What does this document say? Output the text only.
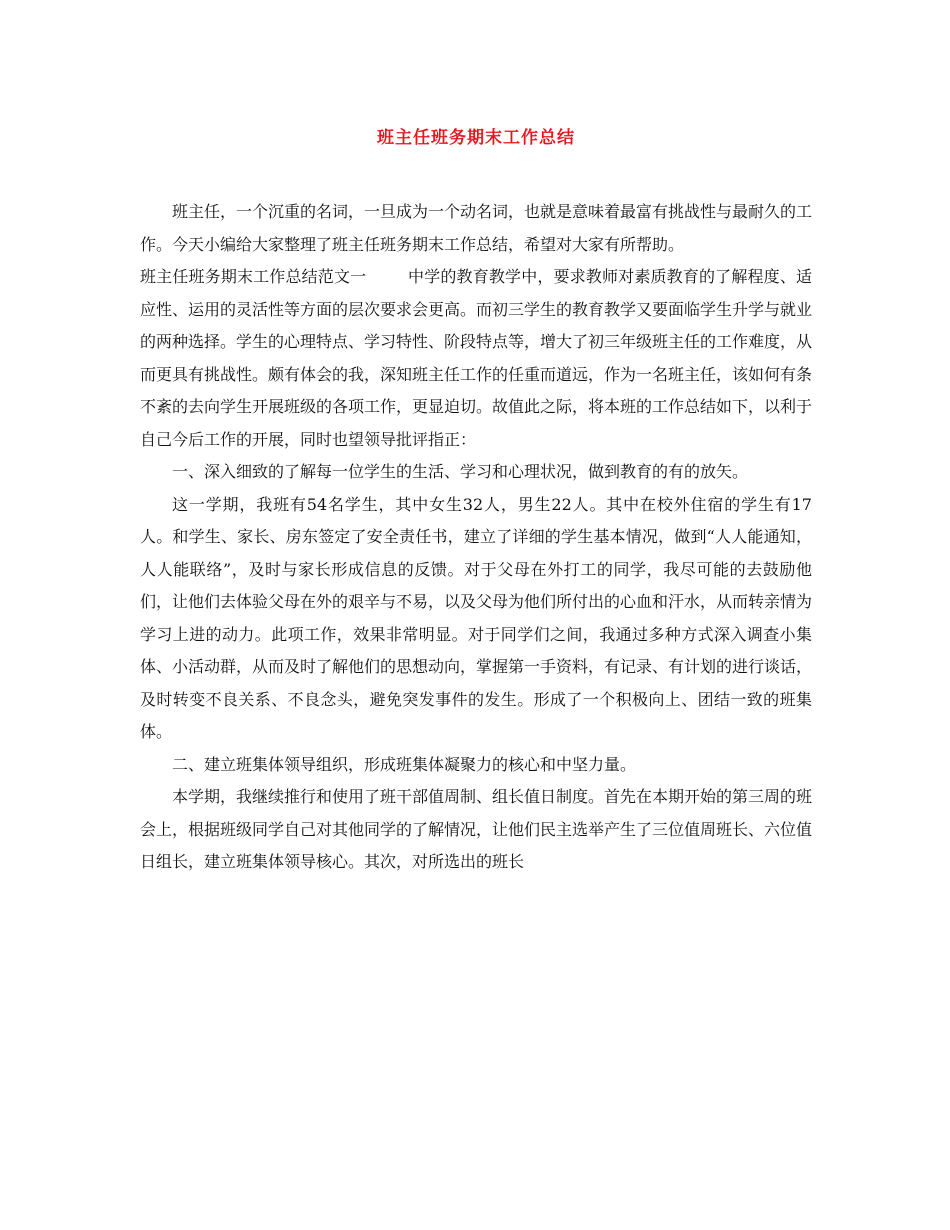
班主任班务期末工作总结

班主任，一个沉重的名词，一旦成为一个动名词，也就是意味着最富有挑战性与最耐久的工作。今天小编给大家整理了班主任班务期末工作总结，希望对大家有所帮助。

班主任班务期末工作总结范文一	中学的教育教学中，要求教师对素质教育的了解程度、适应性、运用的灵活性等方面的层次要求会更高。而初三学生的教育教学又要面临学生升学与就业的两种选择。学生的心理特点、学习特性、阶段特点等，增大了初三年级班主任的工作难度，从而更具有挑战性。颇有体会的我，深知班主任工作的任重而道远，作为一名班主任，该如何有条不紊的去向学生开展班级的各项工作，更显迫切。故值此之际，将本班的工作总结如下，以利于自己今后工作的开展，同时也望领导批评指正：

一、深入细致的了解每一位学生的生活、学习和心理状况，做到教育的有的放矢。

这一学期，我班有54名学生，其中女生32人，男生22人。其中在校外住宿的学生有17人。和学生、家长、房东签定了安全责任书，建立了详细的学生基本情况，做到“人人能通知，人人能联络”，及时与家长形成信息的反馈。对于父母在外打工的同学，我尽可能的去鼓励他们，让他们去体验父母在外的艰辛与不易，以及父母为他们所付出的心血和汗水，从而转亲情为学习上进的动力。此项工作，效果非常明显。对于同学们之间，我通过多种方式深入调查小集体、小活动群，从而及时了解他们的思想动向，掌握第一手资料，有记录、有计划的进行谈话，及时转变不良关系、不良念头，避免突发事件的发生。形成了一个积极向上、团结一致的班集体。

二、建立班集体领导组织，形成班集体凝聚力的核心和中坚力量。

本学期，我继续推行和使用了班干部值周制、组长值日制度。首先在本期开始的第三周的班会上，根据班级同学自己对其他同学的了解情况，让他们民主选举产生了三位值周班长、六位值日组长，建立班集体领导核心。其次，对所选出的班长
